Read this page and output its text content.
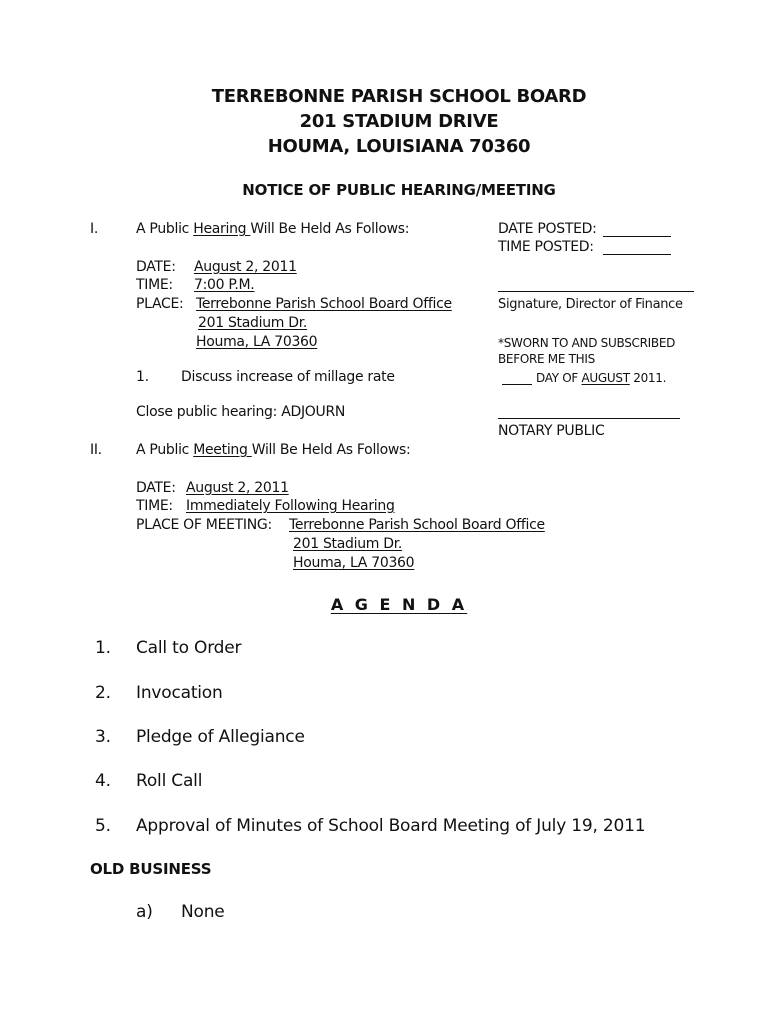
TERREBONNE PARISH SCHOOL BOARD
201 STADIUM DRIVE
HOUMA, LOUISIANA 70360
NOTICE OF PUBLIC HEARING/MEETING
I.	A Public Hearing Will Be Held As Follows:
DATE: August 2, 2011
TIME: 7:00 P.M.
PLACE: Terrebonne Parish School Board Office
201 Stadium Dr.
Houma, LA 70360
1. Discuss increase of millage rate
Close public hearing: ADJOURN
DATE POSTED:
TIME POSTED:
Signature, Director of Finance
*SWORN TO AND SUBSCRIBED
BEFORE ME THIS
DAY OF AUGUST 2011.
NOTARY PUBLIC
II. A Public Meeting Will Be Held As Follows:
DATE: August 2, 2011
TIME: Immediately Following Hearing
PLACE OF MEETING: Terrebonne Parish School Board Office
201 Stadium Dr.
Houma, LA 70360
A G E N D A
1. Call to Order
2. Invocation
3. Pledge of Allegiance
4. Roll Call
5. Approval of Minutes of School Board Meeting of July 19, 2011
OLD BUSINESS
a) None
